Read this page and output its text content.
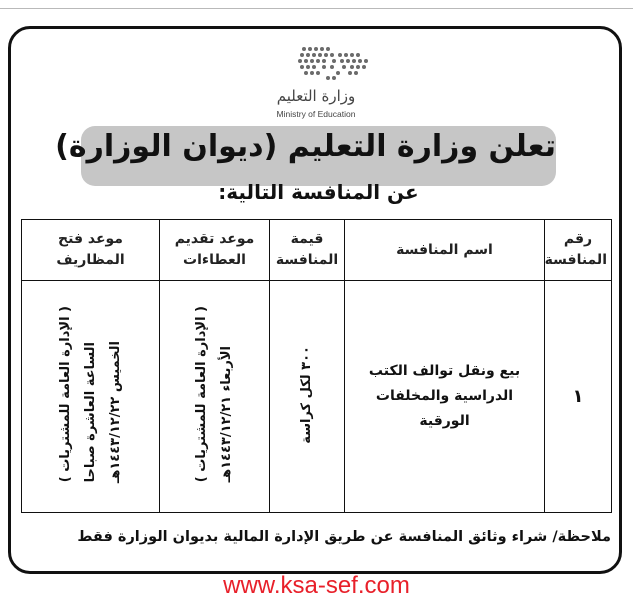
وزارة التعليم
Ministry of Education
تعلن وزارة التعليم (ديوان الوزارة)
عن المنافسة التالية:
رقم المنافسة	اسم المنافسة	قيمة المنافسة	موعد تقديم العطاءات	موعد فتح المظاريف
١	بيع ونقل توالف الكتب الدراسية والمخلفات الورقية	٣٠٠ لكل كراسة	الأربعاء ١٤٤٣/١٢/٢١هـ ( الإدارة العامة للمشتريات )	الخميس ١٤٤٣/١٢/٢٢هـ الساعة العاشرة صباحا ( الإدارة العامة للمشتريات )
ملاحظة/ شراء وثائق المنافسة عن طريق الإدارة المالية بديوان الوزارة فقط
www.ksa-sef.com
